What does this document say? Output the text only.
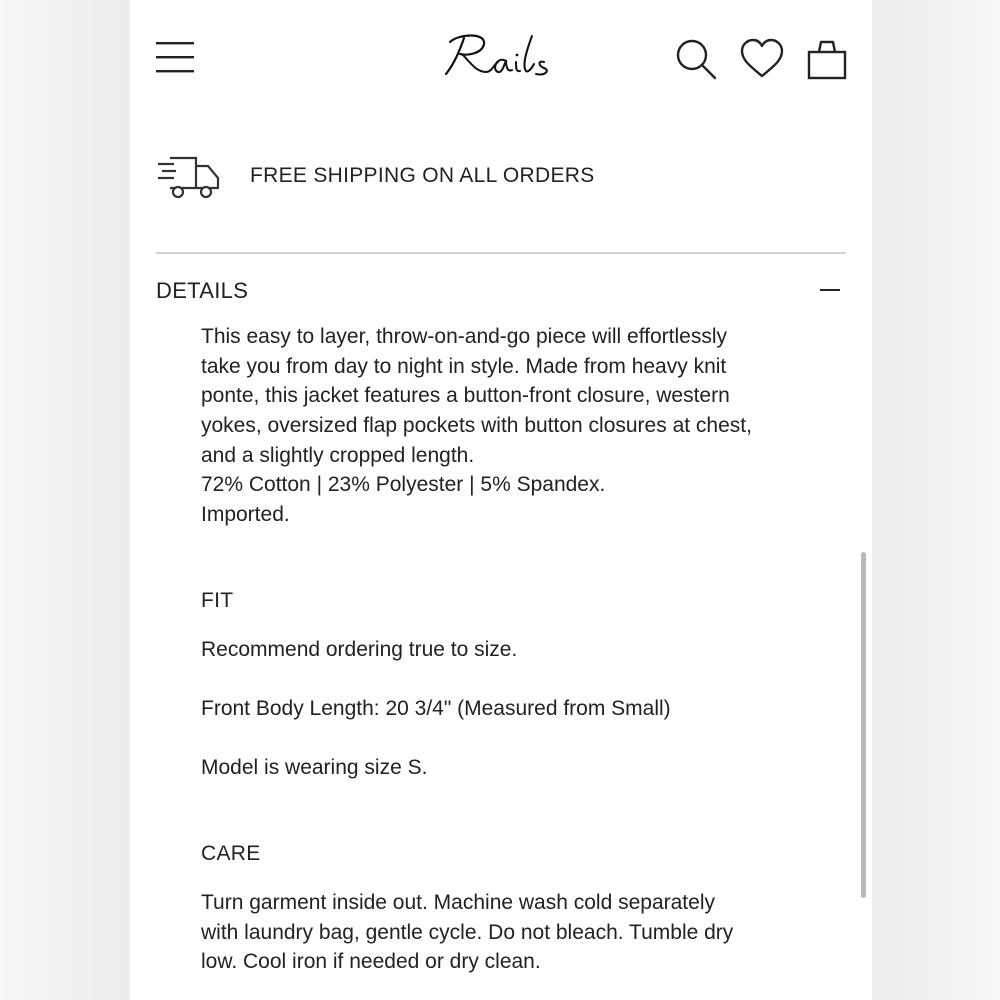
FREE SHIPPING ON ALL ORDERS
DETAILS
This easy to layer, throw-on-and-go piece will effortlessly
take you from day to night in style. Made from heavy knit
ponte, this jacket features a button-front closure, western
yokes, oversized flap pockets with button closures at chest,
and a slightly cropped length.
72% Cotton | 23% Polyester | 5% Spandex.
Imported.
FIT
Recommend ordering true to size.
Front Body Length: 20 3/4" (Measured from Small)
Model is wearing size S.
CARE
Turn garment inside out. Machine wash cold separately
with laundry bag, gentle cycle. Do not bleach. Tumble dry
low. Cool iron if needed or dry clean.
